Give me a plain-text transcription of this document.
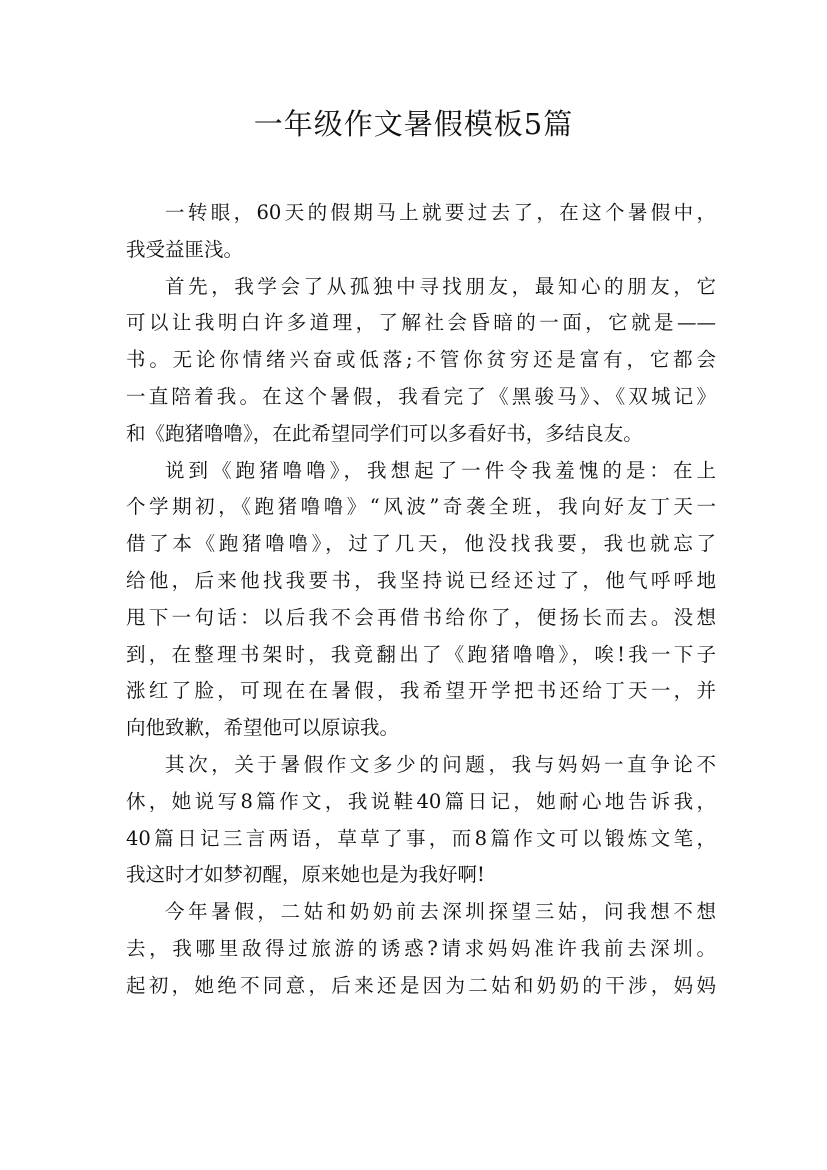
一年级作文暑假模板5篇
一转眼，60天的假期马上就要过去了，在这个暑假中，
我受益匪浅。
首先，我学会了从孤独中寻找朋友，最知心的朋友，它
可以让我明白许多道理，了解社会昏暗的一面，它就是——
书。无论你情绪兴奋或低落;不管你贫穷还是富有，它都会
一直陪着我。在这个暑假，我看完了《黑骏马》、《双城记》
和《跑猪噜噜》，在此希望同学们可以多看好书，多结良友。
说到《跑猪噜噜》，我想起了一件令我羞愧的是：在上
个学期初，《跑猪噜噜》“风波”奇袭全班，我向好友丁天一
借了本《跑猪噜噜》，过了几天，他没找我要，我也就忘了
给他，后来他找我要书，我坚持说已经还过了，他气呼呼地
甩下一句话：以后我不会再借书给你了，便扬长而去。没想
到，在整理书架时，我竟翻出了《跑猪噜噜》，唉!我一下子
涨红了脸，可现在在暑假，我希望开学把书还给丁天一，并
向他致歉，希望他可以原谅我。
其次，关于暑假作文多少的问题，我与妈妈一直争论不
休，她说写8篇作文，我说鞋40篇日记，她耐心地告诉我，
40篇日记三言两语，草草了事，而8篇作文可以锻炼文笔，
我这时才如梦初醒，原来她也是为我好啊!
今年暑假，二姑和奶奶前去深圳探望三姑，问我想不想
去，我哪里敌得过旅游的诱惑?请求妈妈准许我前去深圳。
起初，她绝不同意，后来还是因为二姑和奶奶的干涉，妈妈
